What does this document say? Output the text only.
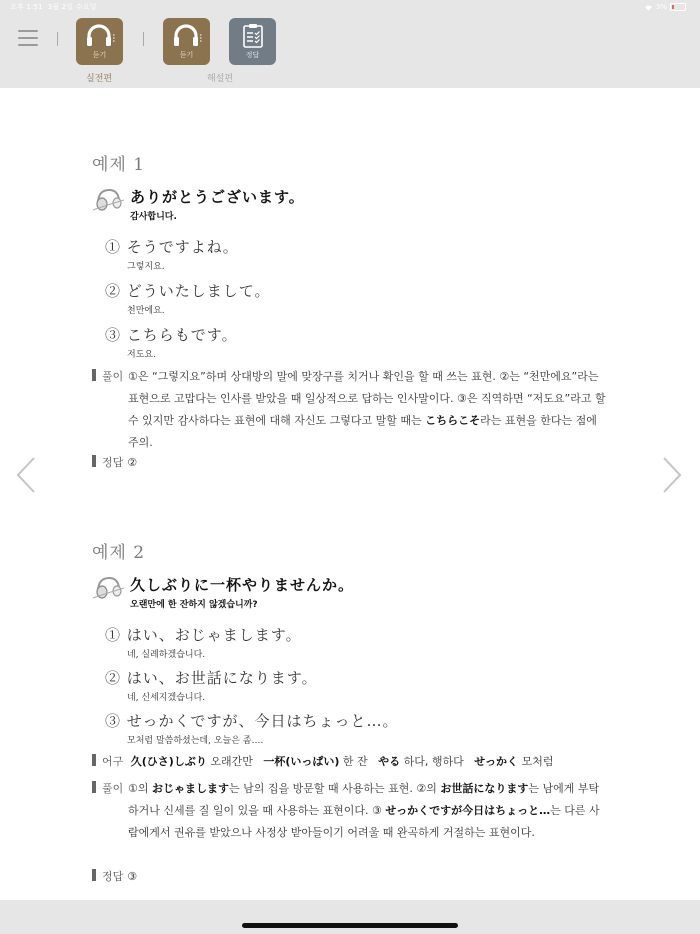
오후 1:51 3월 2일 수요일	3%
듣기
실전편
듣기	정답
해설편
예제 1
ありがとうございます。
감사합니다.
① そうですよね。
그렇지요.
② どういたしまして。
천만에요.
③ こちらもです。
저도요.
풀이 ①은 “그렇지요”하며 상대방의 말에 맞장구를 치거나 확인을 할 때 쓰는 표현. ②는 “천만에요”라는 표현으로 고맙다는 인사를 받았을 때 일상적으로 답하는 인사말이다. ③은 직역하면 “저도요”라고 할 수 있지만 감사하다는 표현에 대해 자신도 그렇다고 말할 때는 こちらこそ라는 표현을 한다는 점에 주의.
정답 ②
예제 2
久しぶりに一杯やりませんか。
오랜만에 한 잔하지 않겠습니까?
① はい、おじゃまします。
네, 실례하겠습니다.
② はい、お世話になります。
네, 신세지겠습니다.
③ せっかくですが、今日はちょっと…。
모처럼 말씀하셨는데, 오늘은 좀….
어구 久(ひさ)しぶり 오래간만 一杯(いっぱい) 한 잔 やる 하다, 행하다 せっかく 모처럼
풀이 ①의 おじゃまします는 남의 집을 방문할 때 사용하는 표현. ②의 お世話になります는 남에게 부탁하거나 신세를 질 일이 있을 때 사용하는 표현이다. ③ せっかくですが今日はちょっと…는 다른 사람에게서 권유를 받았으나 사정상 받아들이기 어려울 때 완곡하게 거절하는 표현이다.
정답 ③
